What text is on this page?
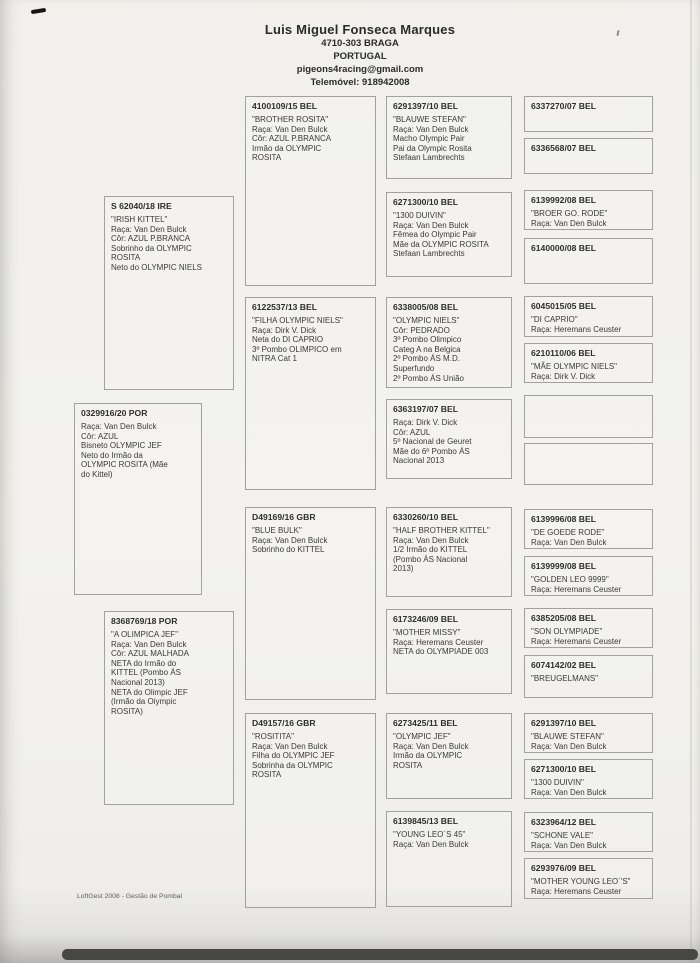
Luis Miguel Fonseca Marques
4710-303 BRAGA
PORTUGAL
pigeons4racing@gmail.com
Telemóvel: 918942008
0329916/20 POR
Raça: Van Den Bulck
Côr: AZUL
Bisneto OLYMPIC JEF
Neto do Irmão da
OLYMPIC ROSITA (Mãe
do Kittel)
S 62040/18 IRE
"IRISH KITTEL"
Raça: Van Den Bulck
Côr: AZUL P.BRANCA
Sobrinho da OLYMPIC
ROSITA
Neto do OLYMPIC NIELS
8368769/18 POR
"A OLIMPICA JEF"
Raça: Van Den Bulck
Côr: AZUL MALHADA
NETA do Irmão do
KITTEL (Pombo ÁS
Nacional 2013)
NETA do Olimpic JEF
(Irmão da Oiympic
ROSITA)
4100109/15 BEL
"BROTHER ROSITA"
Raça: Van Den Bulck
Côr: AZUL P.BRANCA
Irmão da OLYMPIC
ROSITA
6122537/13 BEL
"FILHA OLYMPIC NIELS"
Raça: Dirk V. Dick
Neta do DI CAPRIO
3º Pombo OLIMPICO em
NITRA Cat 1
D49169/16 GBR
"BLUE BULK"
Raça: Van Den Bulck
Sobrinho do KITTEL
D49157/16 GBR
"ROSITITA"
Raça: Van Den Bulck
Filha do OLYMPIC JEF
Sobrinha da OLYMPIC
ROSITA
6291397/10 BEL
"BLAUWE STEFAN"
Raça: Van Den Bulck
Macho Olympic Pair
Pai da Olympic Rosita
Stefaan Lambrechts
6271300/10 BEL
"1300 DUIVIN"
Raça: Van Den Bulck
Fêmea do Olympic Pair
Mãe da OLYMPIC ROSITA
Stefaan Lambrechts
6338005/08 BEL
"OLYMPIC NIELS"
Côr: PEDRADO
3º Pombo Olimpico
Categ A na Belgica
2º Pombo ÁS M.D.
Superfundo
2º Pombo ÁS União
6363197/07 BEL
Raça: Dirk V. Dick
Côr: AZUL
5º Nacional de Geuret
Mãe do 6º Pombo ÁS
Nacional 2013
6330260/10 BEL
"HALF BROTHER KITTEL"
Raça: Van Den Bulck
1/2 Irmão do KITTEL
(Pombo ÁS Nacional
2013)
6173246/09 BEL
"MOTHER MISSY"
Raça: Heremans Ceuster
NETA do OLYMPIADE 003
6273425/11 BEL
"OLYMPIC JEF"
Raça: Van Den Bulck
Irmão da OLYMPIC
ROSITA
6139845/13 BEL
"YOUNG LEO´S 45"
Raça: Van Den Bulck
6337270/07 BEL
6336568/07 BEL
6139992/08 BEL
"BROER GO. RODE"
Raça: Van Den Bulck
6140000/08 BEL
6045015/05 BEL
"DI CAPRIO"
Raça: Heremans Ceuster
6210110/06 BEL
"MÃE OLYMPIC NIELS"
Raça: Dirk V. Dick
6139996/08 BEL
"DE GOEDE RODE"
Raça: Van Den Bulck
6139999/08 BEL
"GOLDEN LEO 9999"
Raça: Heremans Ceuster
6385205/08 BEL
"SON OLYMPIADE"
Raça: Heremans Ceuster
6074142/02 BEL
"BREUGELMANS"
6291397/10 BEL
"BLAUWE STEFAN"
Raça: Van Den Bulck
6271300/10 BEL
"1300 DUIVIN"
Raça: Van Den Bulck
6323964/12 BEL
"SCHONE VALE"
Raça: Van Den Bulck
6293976/09 BEL
"MOTHER YOUNG LEO´'S"
Raça: Heremans Ceuster
LoftGest 2008 - Gestão de Pombal
